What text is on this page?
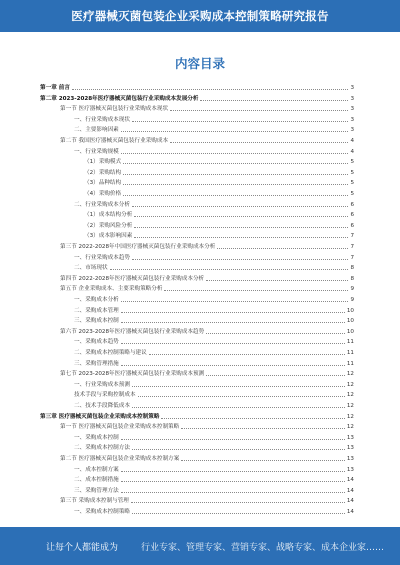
医疗器械灭菌包装企业采购成本控制策略研究报告
内容目录
第一章 前言	3
第二章 2023-2028年医疗器械灭菌包装行业采购成本发展分析	3
第一节 医疗器械灭菌包装行业采购成本现状	3
一、行业采购成本现状	3
二、主要影响因素	3
第二节 我国医疗器械灭菌包装行业采购成本	4
一、行业采购规模	4
（1）采购模式	5
（2）采购结构	5
（3）品种结构	5
（4）采购价格	5
二、行业采购成本分析	6
（1）成本结构分析	6
（2）采购风险分析	6
（3）成本影响因素	7
第三节 2022-2028年中国医疗器械灭菌包装行业采购成本分析	7
一、行业采购成本趋势	7
二、市场现状	8
第四节 2022-2028年医疗器械灭菌包装行业采购成本分析	8
第五节 企业采购成本、主要采购策略分析	9
一、采购成本分析	9
二、采购成本管理	10
三、采购成本控制	10
第六节 2023-2028年医疗器械灭菌包装行业采购成本趋势	10
一、采购成本趋势	11
二、采购成本控制策略与建议	11
三、采购管理措施	11
第七节 2023-2028年医疗器械灭菌包装行业采购成本预测	12
一、行业采购成本预测	12
技术手段与采购控制成本	12
二、技术手段降低成本	12
第三章 医疗器械灭菌包装企业采购成本控制策略	12
第一节 医疗器械灭菌包装企业采购成本控制策略	12
一、采购成本控制	13
二、采购成本控制方法	13
第二节 医疗器械灭菌包装企业采购成本控制方案	13
一、成本控制方案	13
二、成本控制措施	14
三、采购管理方法	14
第三节 采购成本控制与管理	14
一、采购成本控制策略	14
让每个人都能成为	行业专家、管理专家、营销专家、战略专家、成本企业家……
